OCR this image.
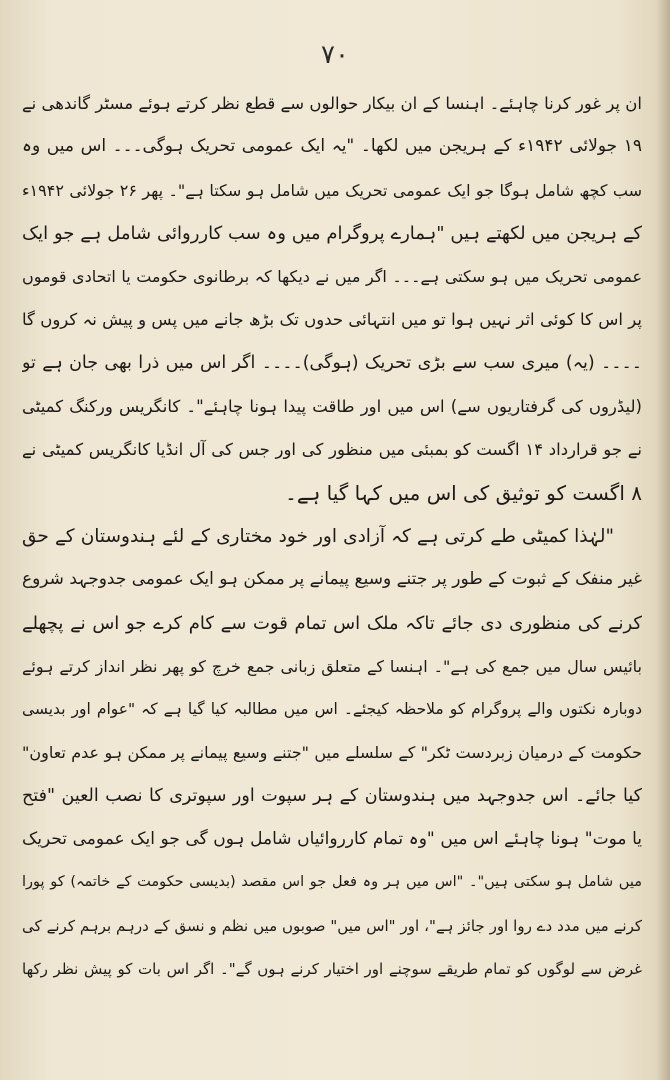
۷۰
ان پر غور کرنا چاہئے۔ اہنسا کے ان بیکار حوالوں سے قطع نظر کرتے ہوئے مسٹر گاندھی نے
۱۹ جولائی ۱۹۴۲ء کے ہریجن میں لکھا۔ "یہ ایک عمومی تحریک ہوگی۔۔۔ اس میں وہ
سب کچھ شامل ہوگا جو ایک عمومی تحریک میں شامل ہو سکتا ہے"۔ پھر ۲۶ جولائی ۱۹۴۲ء
کے ہریجن میں لکھتے ہیں "ہمارے پروگرام میں وہ سب کارروائی شامل ہے جو ایک
عمومی تحریک میں ہو سکتی ہے۔۔۔ اگر میں نے دیکھا کہ برطانوی حکومت یا اتحادی قوموں
پر اس کا کوئی اثر نہیں ہوا تو میں انتہائی حدوں تک بڑھ جانے میں پس و پیش نہ کروں گا
۔۔۔۔ (یہ) میری سب سے بڑی تحریک (ہوگی)۔۔۔۔ اگر اس میں ذرا بھی جان ہے تو
(لیڈروں کی گرفتاریوں سے) اس میں اور طاقت پیدا ہونا چاہئے"۔ کانگریس ورکنگ کمیٹی
نے جو قرارداد ۱۴ اگست کو بمبئی میں منظور کی اور جس کی آل انڈیا کانگریس کمیٹی نے
۸ اگست کو توثیق کی اس میں کہا گیا ہے۔
"لہٰذا کمیٹی طے کرتی ہے کہ آزادی اور خود مختاری کے لئے ہندوستان کے حق
غیر منفک کے ثبوت کے طور پر جتنے وسیع پیمانے پر ممکن ہو ایک عمومی جدوجہد شروع
کرنے کی منظوری دی جائے تاکہ ملک اس تمام قوت سے کام کرے جو اس نے پچھلے
بائیس سال میں جمع کی ہے"۔ اہنسا کے متعلق زبانی جمع خرچ کو پھر نظر انداز کرتے ہوئے
دوبارہ نکتوں والے پروگرام کو ملاحظہ کیجئے۔ اس میں مطالبہ کیا گیا ہے کہ "عوام اور بدیسی
حکومت کے درمیان زبردست ٹکر" کے سلسلے میں "جتنے وسیع پیمانے پر ممکن ہو عدم تعاون"
کیا جائے۔ اس جدوجہد میں ہندوستان کے ہر سپوت اور سپوتری کا نصب العین "فتح
یا موت" ہونا چاہئے اس میں "وہ تمام کارروائیاں شامل ہوں گی جو ایک عمومی تحریک
میں شامل ہو سکتی ہیں"۔ "اس میں ہر وہ فعل جو اس مقصد (بدیسی حکومت کے خاتمہ) کو پورا
کرنے میں مدد دے روا اور جائز ہے"، اور "اس میں" صوبوں میں نظم و نسق کے درہم برہم کرنے کی
غرض سے لوگوں کو تمام طریقے سوچنے اور اختیار کرنے ہوں گے"۔ اگر اس بات کو پیش نظر رکھا
